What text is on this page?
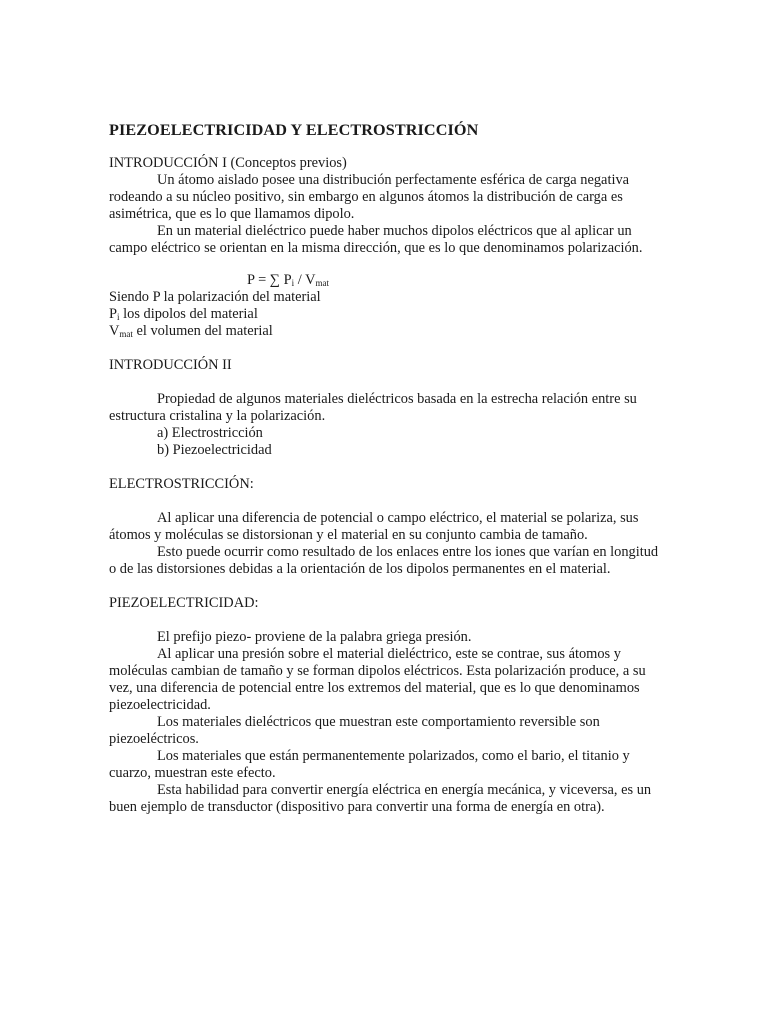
PIEZOELECTRICIDAD Y ELECTROSTRICCIÓN

INTRODUCCIÓN I (Conceptos previos)

Un átomo aislado posee una distribución perfectamente esférica de carga negativa rodeando a su núcleo positivo, sin embargo en algunos átomos la distribución de carga es asimétrica, que es lo que llamamos dipolo.

En un material dieléctrico puede haber muchos dipolos eléctricos que al aplicar un campo eléctrico se orientan en la misma dirección, que es lo que denominamos polarización.

P = ∑ $P_i / V_{mat}$

Siendo P la polarización del material

$P_i$ los dipolos del material

$V_{mat}$ el volumen del material

INTRODUCCIÓN II

Propiedad de algunos materiales dieléctricos basada en la estrecha relación entre su estructura cristalina y la polarización.

a) Electrostricción

b) Piezoelectricidad

ELECTROSTRICCIÓN:

Al aplicar una diferencia de potencial o campo eléctrico, el material se polariza, sus átomos y moléculas se distorsionan y el material en su conjunto cambia de tamaño.

Esto puede ocurrir como resultado de los enlaces entre los iones que varían en longitud o de las distorsiones debidas a la orientación de los dipolos permanentes en el material.

PIEZOELECTRICIDAD:

El prefijo piezo- proviene de la palabra griega presión.

Al aplicar una presión sobre el material dieléctrico, este se contrae, sus átomos y moléculas cambian de tamaño y se forman dipolos eléctricos. Esta polarización produce, a su vez, una diferencia de potencial entre los extremos del material, que es lo que denominamos piezoelectricidad.

Los materiales dieléctricos que muestran este comportamiento reversible son piezoeléctricos.

Los materiales que están permanentemente polarizados, como el bario, el titanio y cuarzo, muestran este efecto.

Esta habilidad para convertir energía eléctrica en energía mecánica, y viceversa, es un buen ejemplo de transductor (dispositivo para convertir una forma de energía en otra).
